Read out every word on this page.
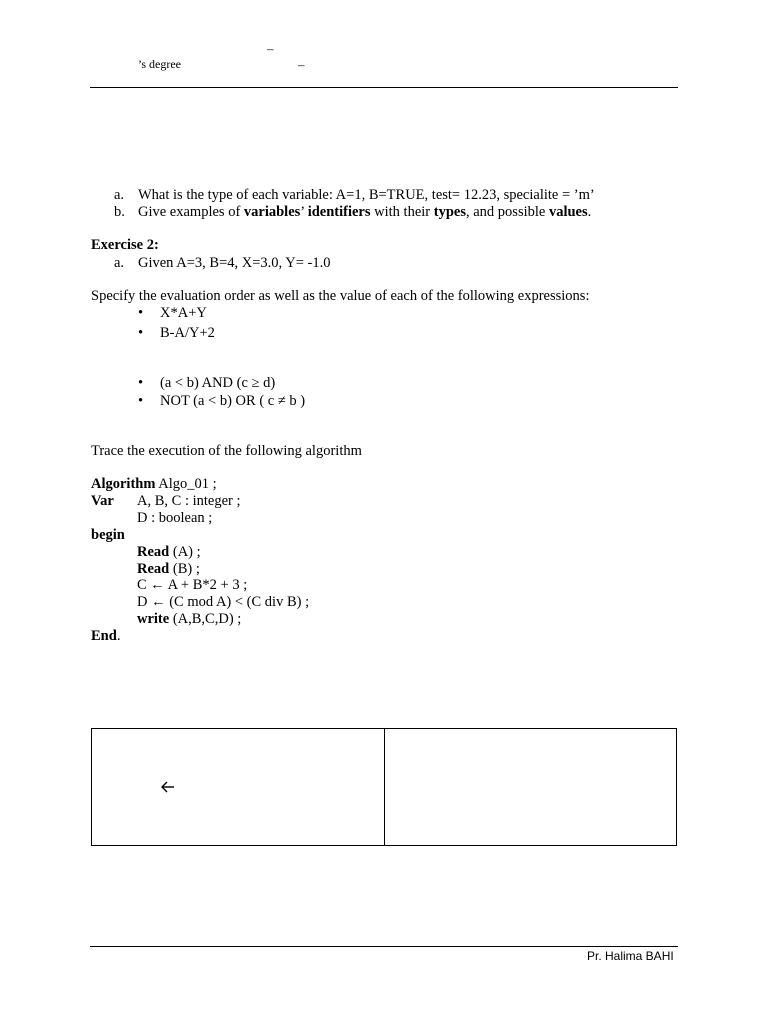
–
’s degree	–
a. What is the type of each variable: A=1, B=TRUE, test= 12.23, specialite = ’m’
b. Give examples of variables’ identifiers with their types, and possible values.
Exercise 2:
a. Given A=3, B=4, X=3.0, Y= -1.0
Specify the evaluation order as well as the value of each of the following expressions:
• X*A+Y
• B-A/Y+2
• (a < b) AND (c ≥ d)
• NOT (a < b) OR ( c ≠ b )
Trace the execution of the following algorithm
Algorithm Algo_01 ;
Var A, B, C : integer ;
D : boolean ;
begin
Read (A) ;
Read (B) ;
C ← A + B*2 + 3 ;
D ← (C mod A) < (C div B) ;
write (A,B,C,D) ;
End.
Pr. Halima BAHI
